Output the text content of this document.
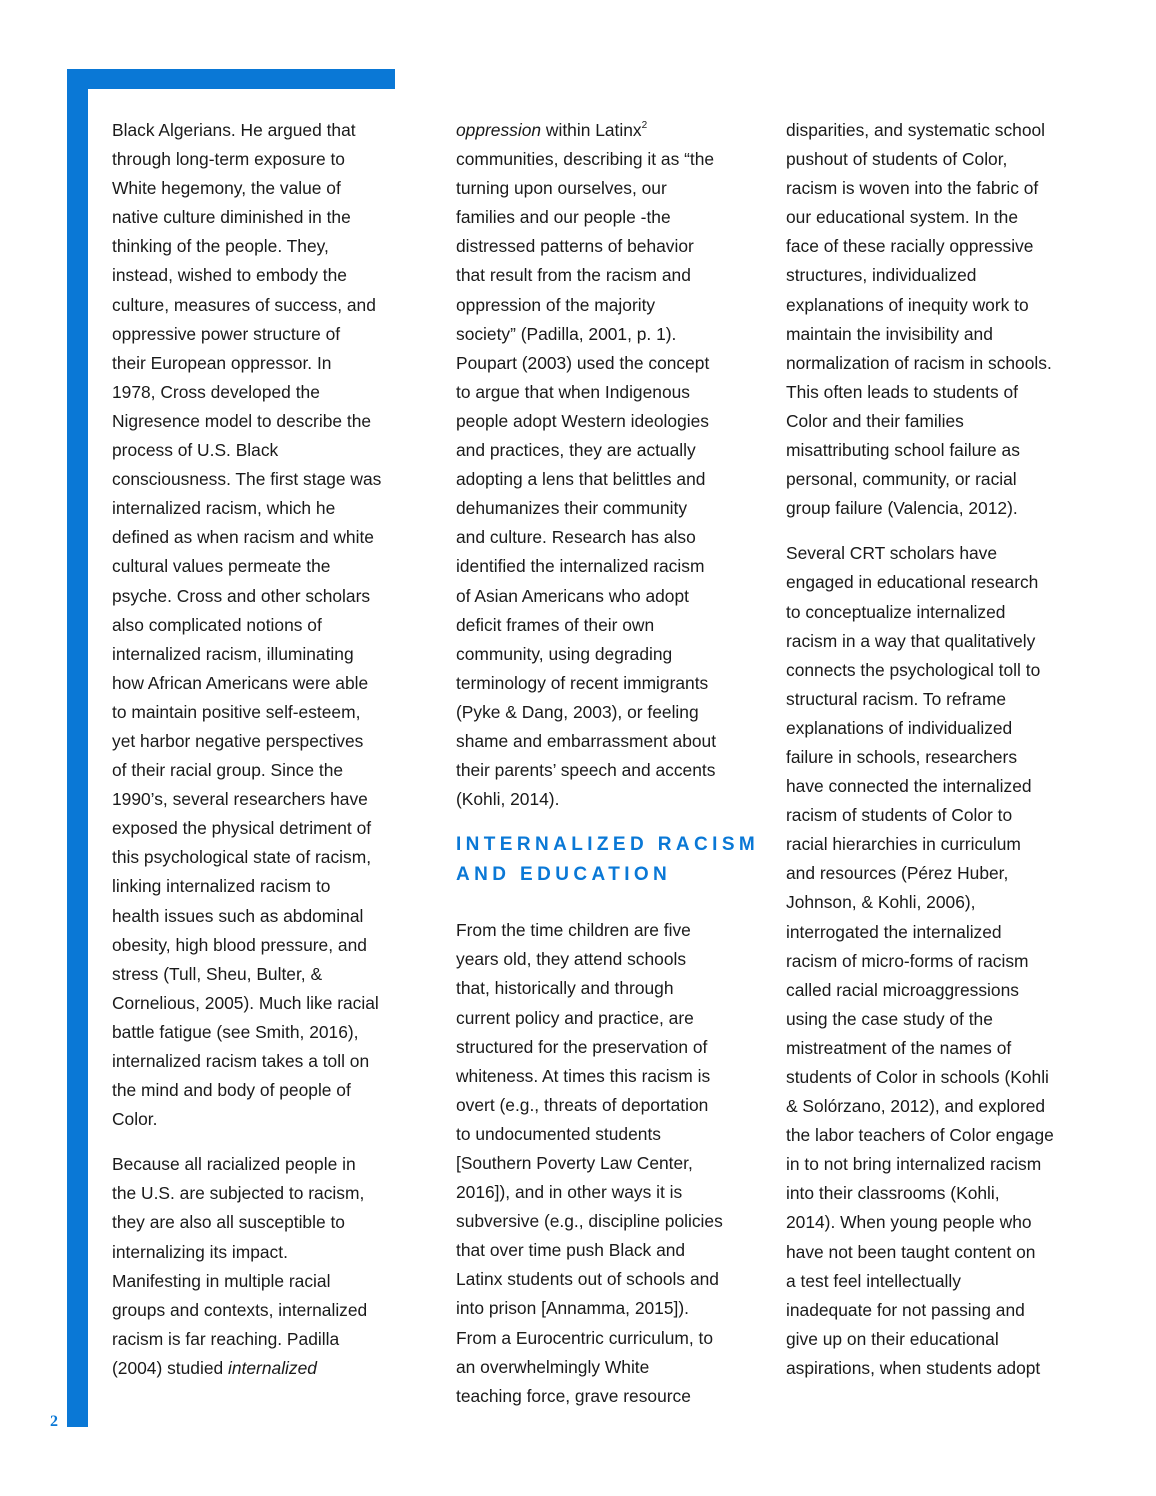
Black Algerians. He argued that
through long-term exposure to
White hegemony, the value of
native culture diminished in the
thinking of the people. They,
instead, wished to embody the
culture, measures of success, and
oppressive power structure of
their European oppressor. In
1978, Cross developed the
Nigresence model to describe the
process of U.S. Black
consciousness. The first stage was
internalized racism, which he
defined as when racism and white
cultural values permeate the
psyche. Cross and other scholars
also complicated notions of
internalized racism, illuminating
how African Americans were able
to maintain positive self-esteem,
yet harbor negative perspectives
of their racial group. Since the
1990’s, several researchers have
exposed the physical detriment of
this psychological state of racism,
linking internalized racism to
health issues such as abdominal
obesity, high blood pressure, and
stress (Tull, Sheu, Bulter, &
Cornelious, 2005). Much like racial
battle fatigue (see Smith, 2016),
internalized racism takes a toll on
the mind and body of people of
Color.

Because all racialized people in
the U.S. are subjected to racism,
they are also all susceptible to
internalizing its impact.
Manifesting in multiple racial
groups and contexts, internalized
racism is far reaching. Padilla
(2004) studied internalized

oppression within Latinx$^2$
communities, describing it as “the
turning upon ourselves, our
families and our people -the
distressed patterns of behavior
that result from the racism and
oppression of the majority
society” (Padilla, 2001, p. 1).
Poupart (2003) used the concept
to argue that when Indigenous
people adopt Western ideologies
and practices, they are actually
adopting a lens that belittles and
dehumanizes their community
and culture. Research has also
identified the internalized racism
of Asian Americans who adopt
deficit frames of their own
community, using degrading
terminology of recent immigrants
(Pyke & Dang, 2003), or feeling
shame and embarrassment about
their parents’ speech and accents
(Kohli, 2014).

INTERNALIZED RACISM
AND EDUCATION

From the time children are five
years old, they attend schools
that, historically and through
current policy and practice, are
structured for the preservation of
whiteness. At times this racism is
overt (e.g., threats of deportation
to undocumented students
[Southern Poverty Law Center,
2016]), and in other ways it is
subversive (e.g., discipline policies
that over time push Black and
Latinx students out of schools and
into prison [Annamma, 2015]).
From a Eurocentric curriculum, to
an overwhelmingly White
teaching force, grave resource

disparities, and systematic school
pushout of students of Color,
racism is woven into the fabric of
our educational system. In the
face of these racially oppressive
structures, individualized
explanations of inequity work to
maintain the invisibility and
normalization of racism in schools.
This often leads to students of
Color and their families
misattributing school failure as
personal, community, or racial
group failure (Valencia, 2012).

Several CRT scholars have
engaged in educational research
to conceptualize internalized
racism in a way that qualitatively
connects the psychological toll to
structural racism. To reframe
explanations of individualized
failure in schools, researchers
have connected the internalized
racism of students of Color to
racial hierarchies in curriculum
and resources (Pérez Huber,
Johnson, & Kohli, 2006),
interrogated the internalized
racism of micro-forms of racism
called racial microaggressions
using the case study of the
mistreatment of the names of
students of Color in schools (Kohli
& Solórzano, 2012), and explored
the labor teachers of Color engage
in to not bring internalized racism
into their classrooms (Kohli,
2014). When young people who
have not been taught content on
a test feel intellectually
inadequate for not passing and
give up on their educational
aspirations, when students adopt

2
